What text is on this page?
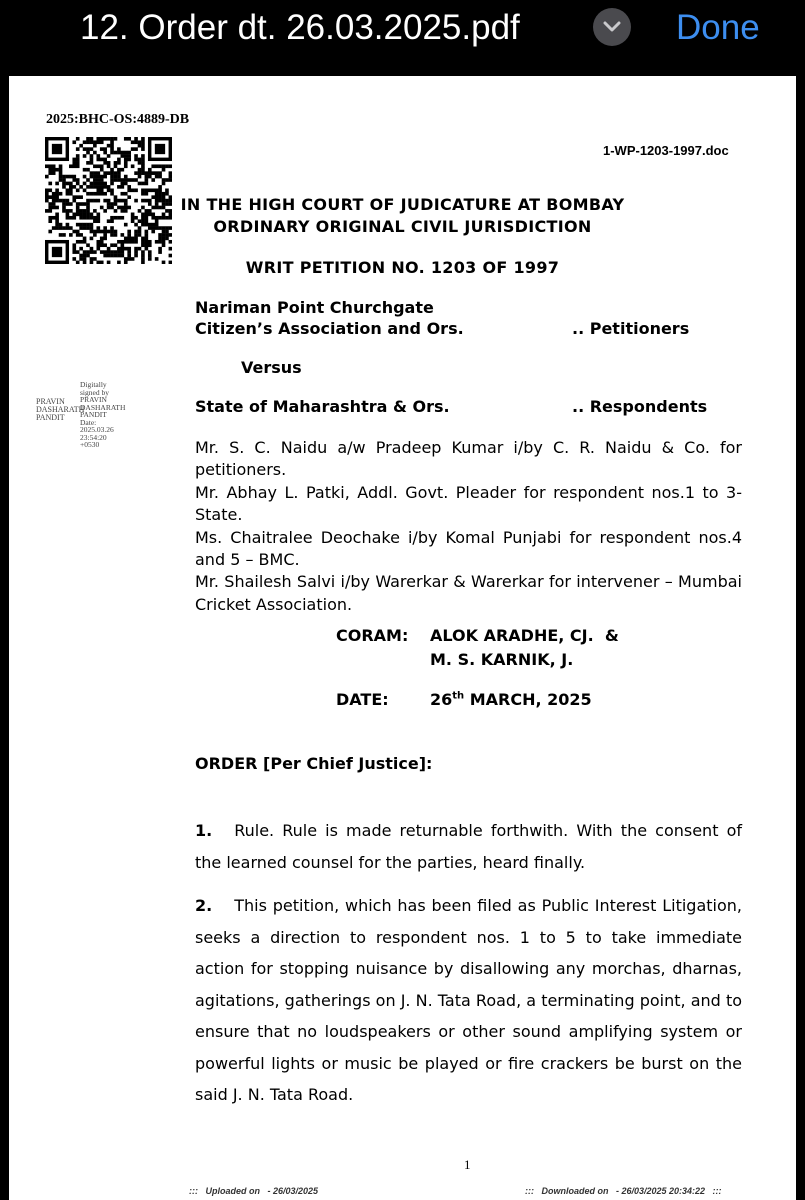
12. Order dt. 26.03.2025.pdf	Done
2025:BHC-OS:4889-DB
1-WP-1203-1997.doc
IN THE HIGH COURT OF JUDICATURE AT BOMBAY
ORDINARY ORIGINAL CIVIL JURISDICTION
WRIT PETITION NO. 1203 OF 1997
Nariman Point Churchgate
Citizen’s Association and Ors.	.. Petitioners
Versus
State of Maharashtra & Ors.	.. Respondents
PRAVIN
DASHARATH
PANDIT
Digitally
signed by
PRAVIN
DASHARATH
PANDIT
Date:
2025.03.26
23:54:20
+0530	Mr. S. C. Naidu a/w Pradeep Kumar i/by C. R. Naidu & Co. for petitioners.

Mr. Abhay L. Patki, Addl. Govt. Pleader for respondent nos.1 to 3- State.

Ms. Chaitralee Deochake i/by Komal Punjabi for respondent nos.4 and 5 – BMC.

Mr. Shailesh Salvi i/by Warerkar & Warerkar for intervener – Mumbai Cricket Association.

CORAM: ALOK ARADHE, CJ.  &
M. S. KARNIK, J.
DATE:	26th MARCH, 2025
ORDER [Per Chief Justice]:
1. Rule. Rule is made returnable forthwith. With the consent of the learned counsel for the parties, heard finally.
2. This petition, which has been filed as Public Interest Litigation, seeks a direction to respondent nos. 1 to 5 to take immediate action for stopping nuisance by disallowing any morchas, dharnas, agitations, gatherings on J. N. Tata Road, a terminating point, and to ensure that no loudspeakers or other sound amplifying system or powerful lights or music be played or fire crackers be burst on the said J. N. Tata Road.
1
:::   Uploaded on   - 26/03/2025	:::   Downloaded on   - 26/03/2025 20:34:22   :::
